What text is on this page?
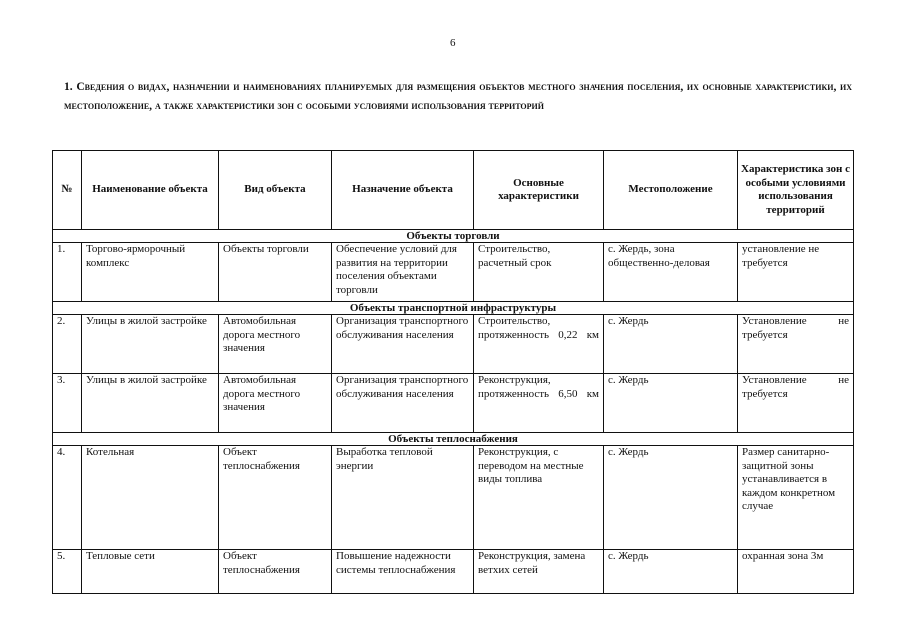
6
1. Сведения о видах, назначении и наименованиях планируемых для размещения объектов местного значения поселения, их основные характеристики, их местоположение, а также характеристики зон с особыми условиями использования территорий
№	Наименование объекта	Вид объекта	Назначение объекта	Основные характеристики	Местоположение	Характеристика зон с особыми условиями использования территорий
Объекты торговли						
1.	Торгово-ярморочный комплекс	Объекты торговли	Обеспечение условий для развития на территории поселения объектами торговли	Строительство, расчетный срок	с. Жердь, зона общественно-деловая	установление не требуется
Объекты транспортной инфраструктуры						
2.	Улицы в жилой застройке	Автомобильная дорога местного значения	Организация транспортного обслуживания населения	Строительство, протяженность 0,22 км	с. Жердь	Установление не требуется
3.	Улицы в жилой застройке	Автомобильная дорога местного значения	Организация транспортного обслуживания населения	Реконструкция, протяженность 6,50 км	с. Жердь	Установление не требуется
Объекты теплоснабжения						
4.	Котельная	Объект теплоснабжения	Выработка тепловой энергии	Реконструкция, с переводом на местные виды топлива	с. Жердь	Размер санитарно-защитной зоны устанавливается в каждом конкретном случае
5.	Тепловые сети	Объект теплоснабжения	Повышение надежности системы теплоснабжения	Реконструкция, замена ветхих сетей	с. Жердь	охранная зона 3м
